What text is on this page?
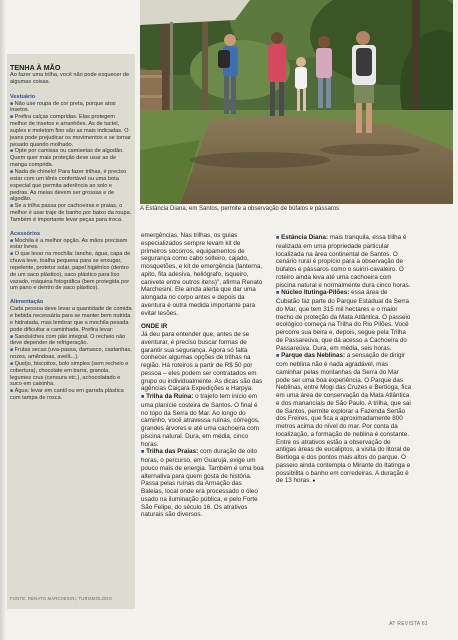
TENHA À MÃO

Ao fazer uma trilha, você não pode esquecer de algumas coisas.

Vestuário

■ Não use roupa de cor preta, porque atrai insetos.

■ Prefira calças compridas. Elas protegem melhor de insetos e arranhões. As de tactel, suplex e moletom fino são as mais indicadas. O jeans pode prejudicar os movimentos e se tornar pesado quando molhado.

■ Opte por camisas ou camisetas de algodão. Quem quer mais proteção deve usar as de manga comprida.

■ Nada de chinelo! Para fazer trilhas, é preciso estar com um tênis confortável ou uma bota especial que permita aderência ao solo e pedras. As meias devem ser grossas e de algodão.

■ Se a trilha passa por cachoeiras e praias, o melhor é usar traje de banho por baixo da roupa. Também é importante levar peças para troca.

Acessórios

■ Mochila é a melhor opção. As mãos precisam estar livres.

■ O que levar na mochila: lanche, água, capa de chuva leve, toalha pequena para se enxugar, repelente, protetor solar, papel higiênico (dentro de um saco plástico), saco plástico para lixo vazado, máquina fotográfica (bem protegida por um pano e dentro de saco plástico).

Alimentação

Cada pessoa deve levar a quantidade de comida e bebida necessária para se manter bem nutrida e hidratada, mas lembrar que a mochila pesada pode dificultar a caminhada. Prefira levar:

■ Sanduíches com pão integral. O recheio não deve depender de refrigeração.

■ Frutas secas (uva-passa, damasco, castanhas, nozes, amêndoas, avelã...).

■ Queijo, biscoitos, bolo simples (sem recheio e cobertura), chocolate em barra, granola, legumes crus (cenoura etc.), achocolatado e suco em caixinha.

■ Água: levar em cantil ou em garrafa plástica com tampa de rosca.

FONTE: RENATO MARCHESINI, TURISMÓLOGO
A Estância Diana, em Santos, permite a observação de búfalos e pássaros

emergências. Nas trilhas, os guias especializados sempre levam kit de primeiros socorros, equipamentos de segurança como cabo solteiro, cajado, mosquetões, e kit de emergência (lanterna, apito, fita adesiva, heliógrafo, isqueiro, canivete entre outros itens)", afirma Renato Marchesini. Ele ainda alerta que dar uma alongada no corpo antes e depois da aventura é outra medida importante para evitar lesões.

ONDE IR

Já deu para entender que, antes de se aventurar, é preciso buscar formas de garantir sua segurança. Agora só falta conhecer algumas opções de trilhas na região. Há roteiros a partir de R$ 50 por pessoa – eles podem ser contratados em grupo ou individualmente. As dicas são das agências Caiçara Expedições e Harpya.

■ Trilha da Ruína: o trajeto tem início em uma planície costeira de Santos. O final é no topo da Serra do Mar. Ao longo do caminho, você atravessa ruínas, córregos, grandes árvores e até uma cachoeira com piscina natural. Dura, em média, cinco horas.

■ Trilha das Praias: com duração de oito horas, o percurso, em Guarujá, exige um pouco mais de energia. Também é uma boa alternativa para quem gosta de história. Passa pelas ruínas da Armação das Baleias, local onde era processado o óleo usado na iluminação pública, e pelo Forte São Felipe, do século 16. Os atrativos naturais são diversos.

■ Estância Diana: mais tranquila, essa trilha é realizada em uma propriedade particular localizada na área continental de Santos. O cenário rural é propício para a observação de búfalos e pássaros como o suiriri-cavaleiro. O roteiro ainda leva até uma cachoeira com piscina natural e normalmente dura cinco horas.

■ Núcleo Itutinga-Pilões: essa área de Cubatão faz parte do Parque Estadual da Serra do Mar, que tem 315 mil hectares e o maior trecho de proteção da Mata Atlântica. O passeio ecológico começa na Trilha do Rio Pilões. Você percorre sua beira e, depois, segue pela Trilha de Passareúva, que dá acesso a Cachoeira do Passareúva. Dura, em média, seis horas.

■ Parque das Neblinas: a sensação de dirigir com neblina não é nada agradável, mas caminhar pelas montanhas da Serra do Mar pode ser uma boa experiência. O Parque das Neblinas, entre Mogi das Cruzes e Bertioga, fica em uma área de conservação da Mata Atlântica e dos mananciais de São Paulo. A trilha, que sai de Santos, permite explorar a Fazenda Sertão dos Freires, que fica a aproximadamente 800 metros acima do nível do mar. Por conta da localização, a formação de neblina é constante. Entre os atrativos estão a observação de antigas áreas de eucaliptos, a visita do litoral de Bertioga e dos pontos mais altos do parque. O passeio ainda contempla o Mirante do Itatinga e possibilita o banho em corredeiras. A duração é de 13 horas. ●

AT REVISTA 61
